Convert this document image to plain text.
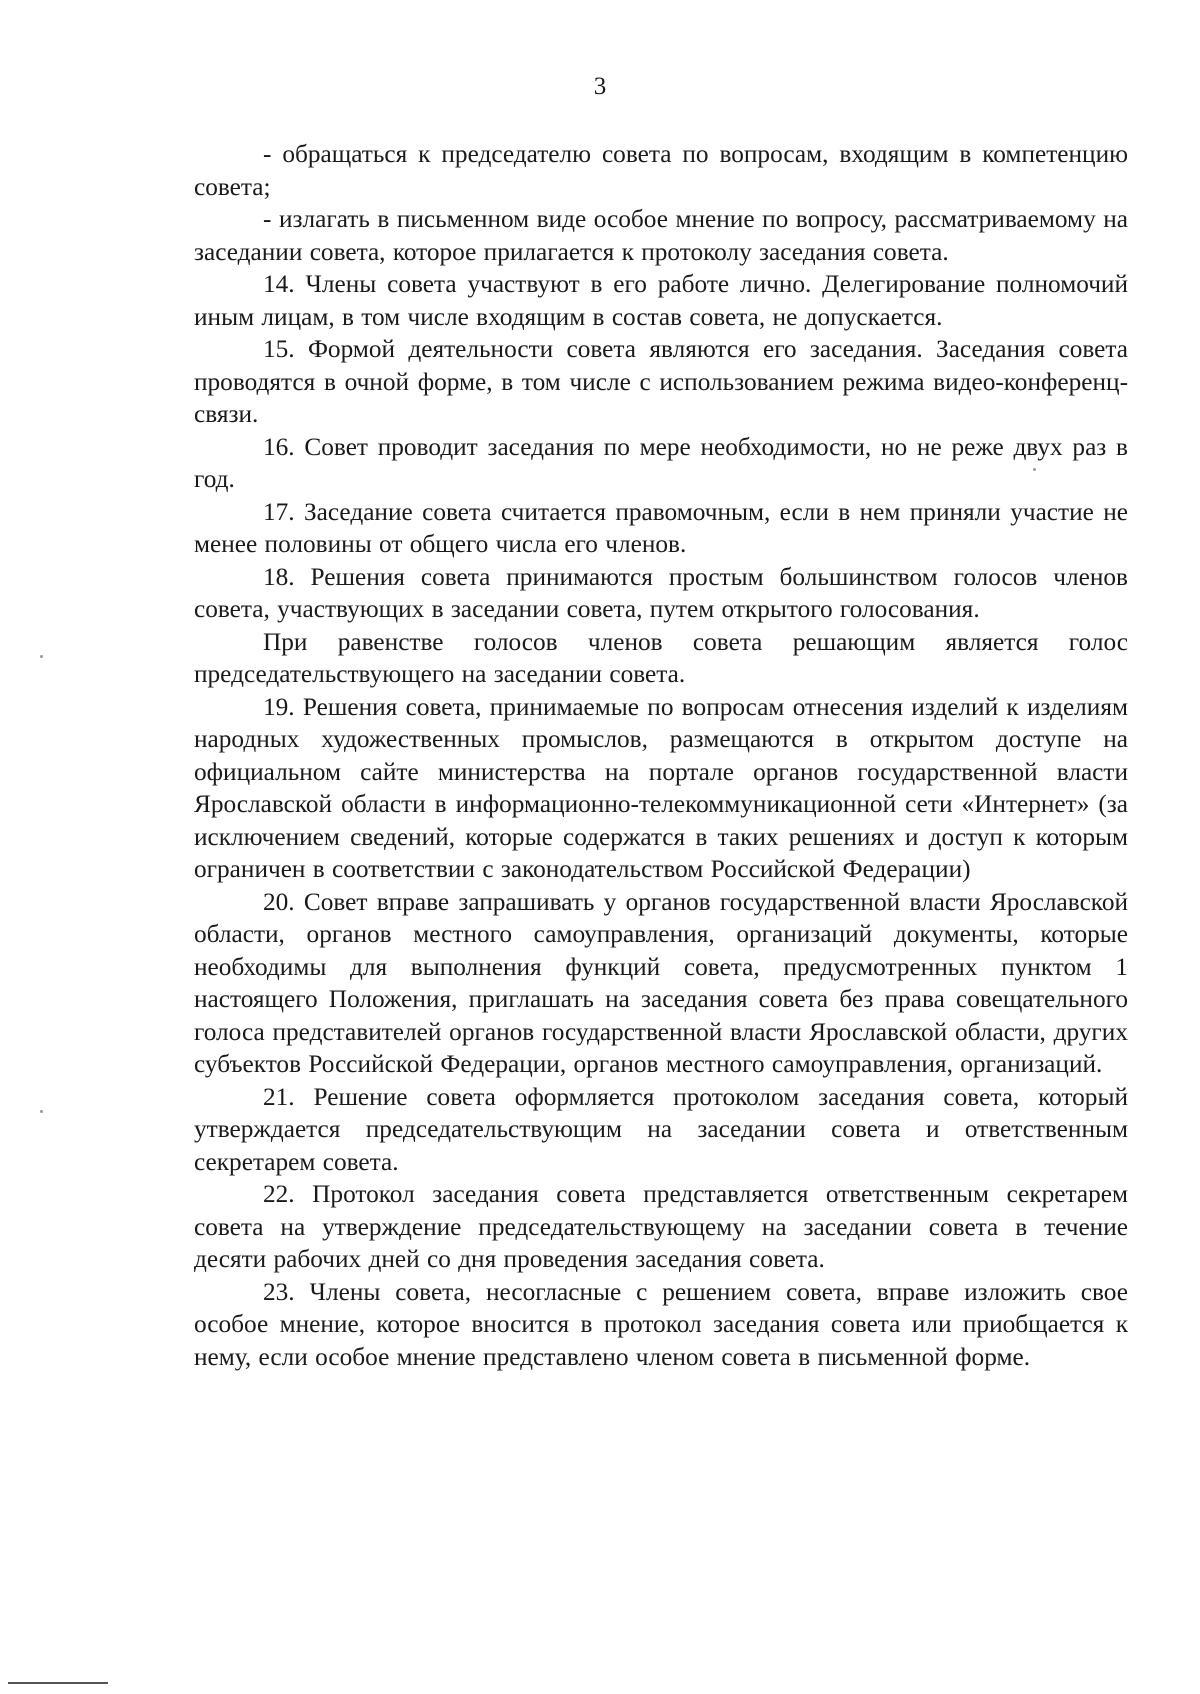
3

- обращаться к председателю совета по вопросам, входящим в компетенцию совета;

- излагать в письменном виде особое мнение по вопросу, рассматриваемому на заседании совета, которое прилагается к протоколу заседания совета.

14. Члены совета участвуют в его работе лично. Делегирование полномочий иным лицам, в том числе входящим в состав совета, не допускается.

15. Формой деятельности совета являются его заседания. Заседания совета проводятся в очной форме, в том числе с использованием режима видео-конференц-связи.

16. Совет проводит заседания по мере необходимости, но не реже двух раз в год.

17. Заседание совета считается правомочным, если в нем приняли участие не менее половины от общего числа его членов.

18. Решения совета принимаются простым большинством голосов членов совета, участвующих в заседании совета, путем открытого голосования.

При равенстве голосов членов совета решающим является голос председательствующего на заседании совета.

19. Решения совета, принимаемые по вопросам отнесения изделий к изделиям народных художественных промыслов, размещаются в открытом доступе на официальном сайте министерства на портале органов государственной власти Ярославской области в информационно-телекоммуникационной сети «Интернет» (за исключением сведений, которые содержатся в таких решениях и доступ к которым ограничен в соответствии с законодательством Российской Федерации)

20. Совет вправе запрашивать у органов государственной власти Ярославской области, органов местного самоуправления, организаций документы, которые необходимы для выполнения функций совета, предусмотренных пунктом 1 настоящего Положения, приглашать на заседания совета без права совещательного голоса представителей органов государственной власти Ярославской области, других субъектов Российской Федерации, органов местного самоуправления, организаций.

21. Решение совета оформляется протоколом заседания совета, который утверждается председательствующим на заседании совета и ответственным секретарем совета.

22. Протокол заседания совета представляется ответственным секретарем совета на утверждение председательствующему на заседании совета в течение десяти рабочих дней со дня проведения заседания совета.

23. Члены совета, несогласные с решением совета, вправе изложить свое особое мнение, которое вносится в протокол заседания совета или приобщается к нему, если особое мнение представлено членом совета в письменной форме.
